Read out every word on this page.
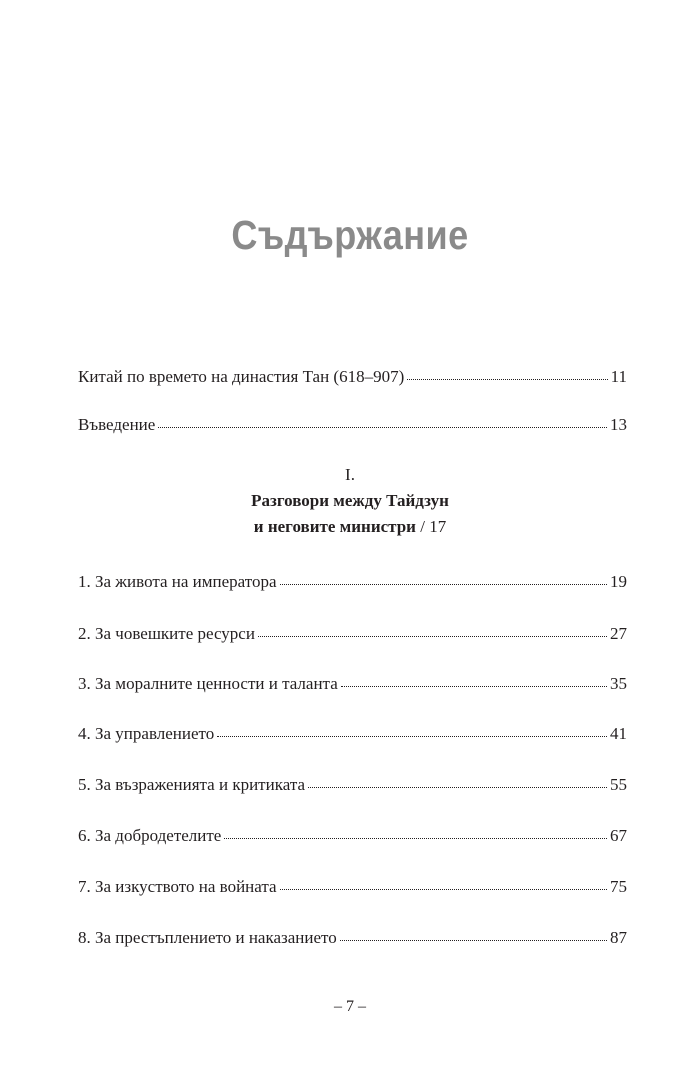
Съдържание
Китай по времето на династия Тан (618–907)	11
Въведение	13
I.
Разговори между Тайдзун
и неговите министри / 17
1. За живота на императора	19
2. За човешките ресурси	27
3. За моралните ценности и таланта	35
4. За управлението	41
5. За възраженията и критиката	55
6. За добродетелите	67
7. За изкуството на войната	75
8. За престъплението и наказанието	87
– 7 –
